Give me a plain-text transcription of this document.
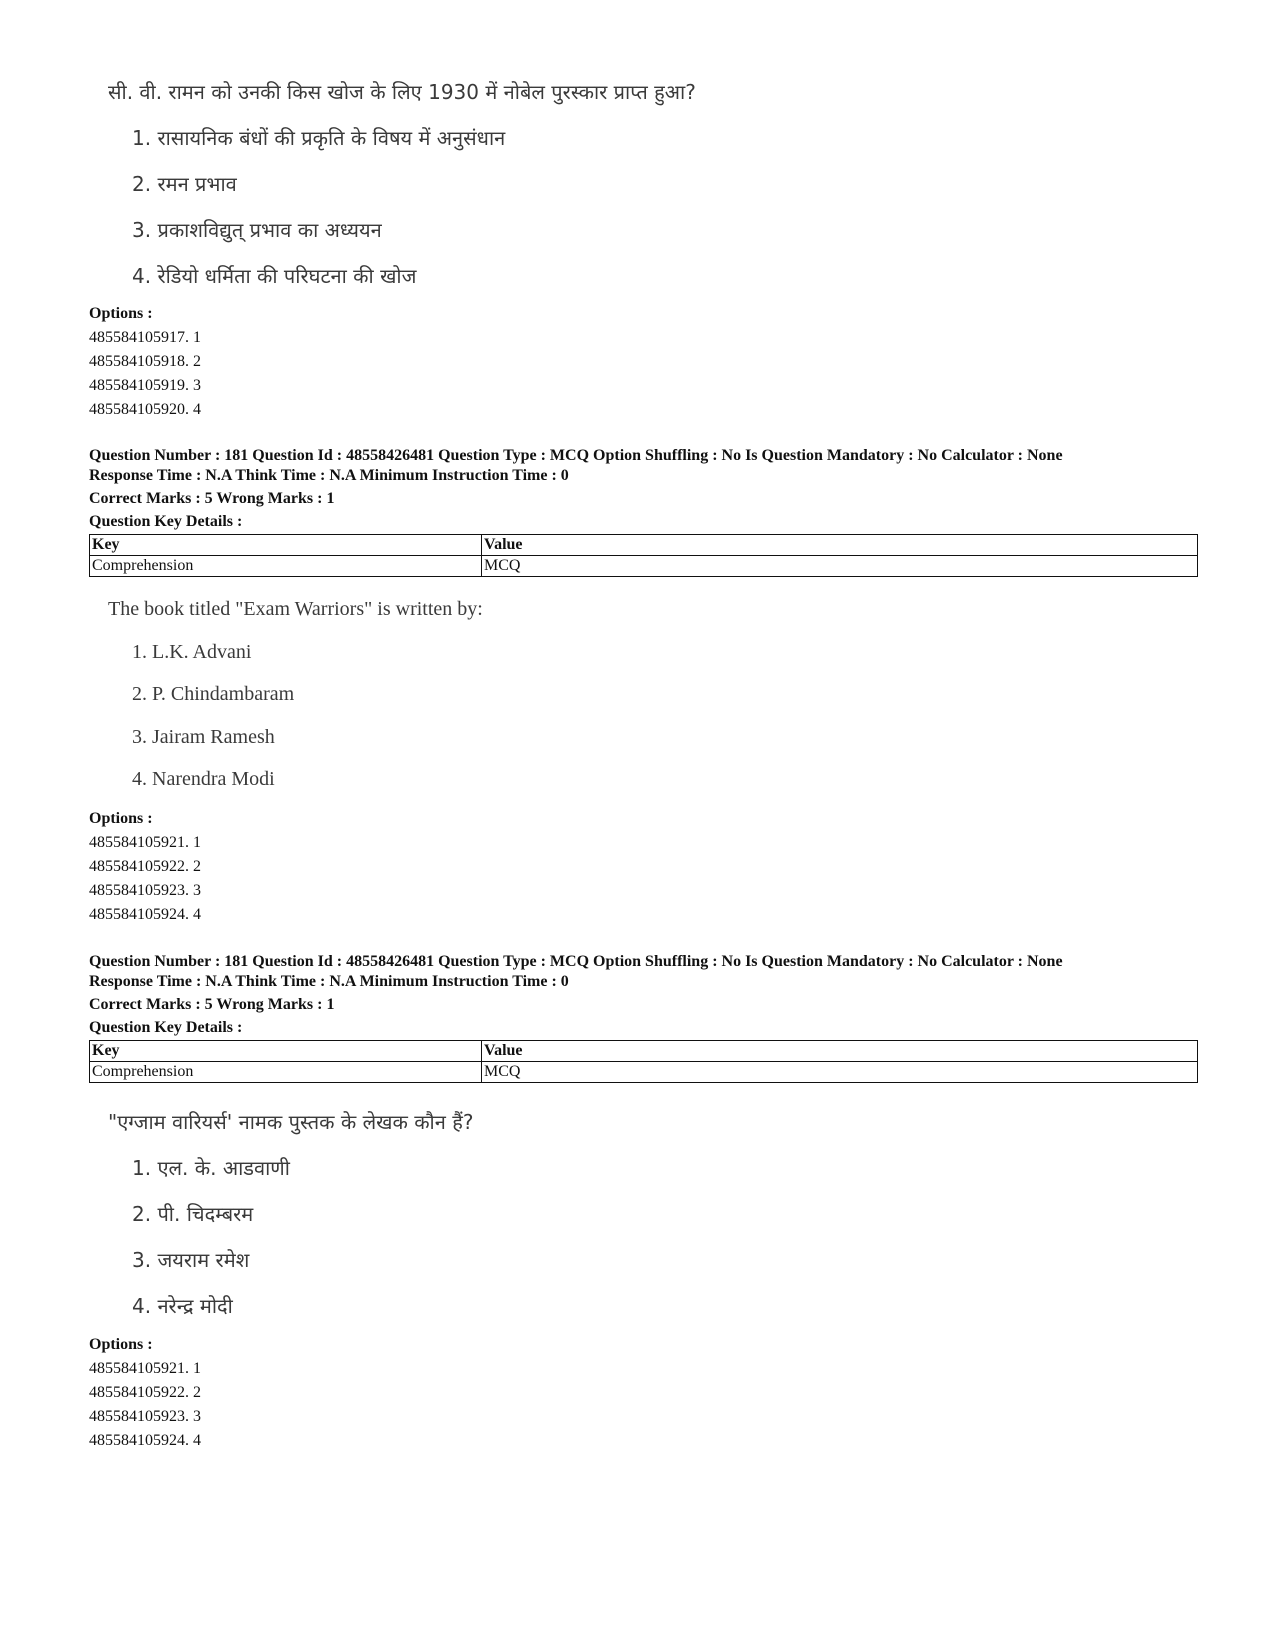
सी. वी. रामन को उनकी किस खोज के लिए 1930 में नोबेल पुरस्कार प्राप्त हुआ?
1. रासायनिक बंधों की प्रकृति के विषय में अनुसंधान
2. रमन प्रभाव
3. प्रकाशविद्युत् प्रभाव का अध्ययन
4. रेडियो धर्मिता की परिघटना की खोज
Options :
485584105917. 1
485584105918. 2
485584105919. 3
485584105920. 4
Question Number : 181 Question Id : 48558426481 Question Type : MCQ Option Shuffling : No Is Question Mandatory : No Calculator : None
Response Time : N.A Think Time : N.A Minimum Instruction Time : 0
Correct Marks : 5 Wrong Marks : 1
Question Key Details :
Key	Value
Comprehension	MCQ
The book titled "Exam Warriors" is written by:
1. L.K. Advani
2. P. Chindambaram
3. Jairam Ramesh
4. Narendra Modi
Options :
485584105921. 1
485584105922. 2
485584105923. 3
485584105924. 4
Question Number : 181 Question Id : 48558426481 Question Type : MCQ Option Shuffling : No Is Question Mandatory : No Calculator : None
Response Time : N.A Think Time : N.A Minimum Instruction Time : 0
Correct Marks : 5 Wrong Marks : 1
Question Key Details :
Key	Value
Comprehension	MCQ
"एग्जाम वारियर्स' नामक पुस्तक के लेखक कौन हैं?
1. एल. के. आडवाणी
2. पी. चिदम्बरम
3. जयराम रमेश
4. नरेन्द्र मोदी
Options :
485584105921. 1
485584105922. 2
485584105923. 3
485584105924. 4
